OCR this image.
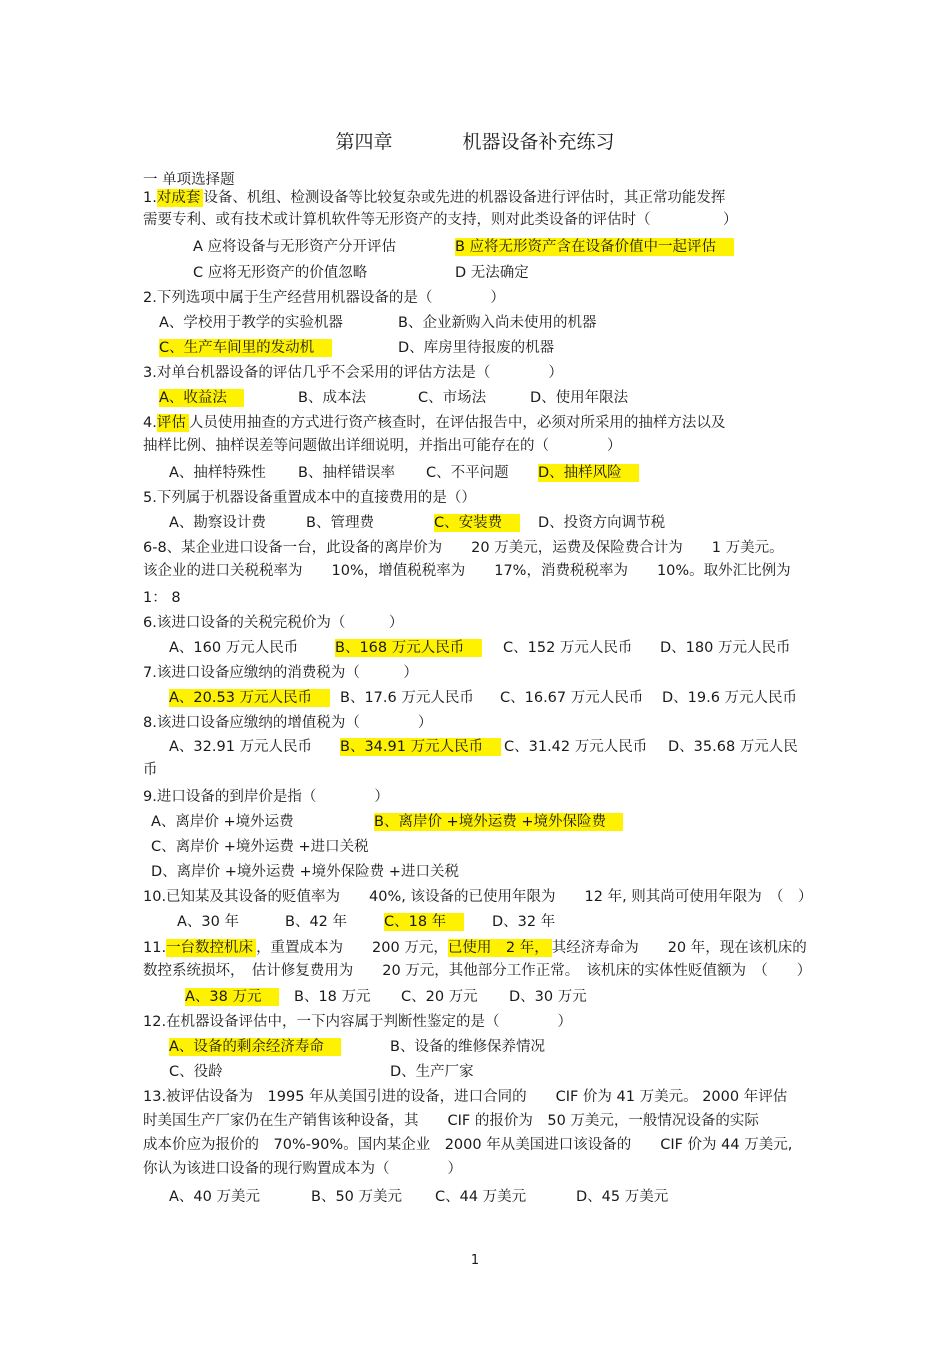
第四章	机器设备补充练习
一 单项选择题
1.对成套 设备、机组、检测设备等比较复杂或先进的机器设备进行评估时，其正常功能发挥
需要专利、或有技术或计算机软件等无形资产的支持，则对此类设备的评估时（　　　　　）
A 应将设备与无形资产分开评估	B 应将无形资产含在设备价值中一起评估　
C 应将无形资产的价值忽略	D 无法确定
2.下列选项中属于生产经营用机器设备的是（　　　　）
A、学校用于教学的实验机器	B、企业新购入尚未使用的机器
C、生产车间里的发动机　	D、库房里待报废的机器
3.对单台机器设备的评估几乎不会采用的评估方法是（　　　　）
A、收益法　	B、成本法	C、市场法	D、使用年限法
4.评估 人员使用抽查的方式进行资产核查时，在评估报告中，必须对所采用的抽样方法以及
抽样比例、抽样误差等问题做出详细说明，并指出可能存在的（　　　　）
A、抽样特殊性 B、抽样错误率 C、不平问题 D、抽样风险　
5.下列属于机器设备重置成本中的直接费用的是（）
A、勘察设计费	B、管理费	C、安装费　 D、投资方向调节税
6-8、某企业进口设备一台，此设备的离岸价为　　20 万美元，运费及保险费合计为　　1 万美元。
该企业的进口关税税率为　　10%，增值税税率为　　17%，消费税税率为　　10%。取外汇比例为
1： 8
6.该进口设备的关税完税价为（　　　）
A、160 万元人民币	B、168 万元人民币　 C、152 万元人民币 D、180 万元人民币
7.该进口设备应缴纳的消费税为（　　　）
A、20.53 万元人民币　 B、17.6 万元人民币 C、16.67 万元人民币 D、19.6 万元人民币
8.该进口设备应缴纳的增值税为（　　　　）
A、32.91 万元人民币 B、34.91 万元人民币　 C、31.42 万元人民币 D、35.68 万元人民
币
9.进口设备的到岸价是指（　　　　）
A、离岸价 +境外运费	B、离岸价 +境外运费 +境外保险费　
C、离岸价 +境外运费 +进口关税
D、离岸价 +境外运费 +境外保险费 +进口关税
10.已知某及其设备的贬值率为　　40%, 该设备的已使用年限为　　12 年, 则其尚可使用年限为　（　）
A、30 年	B、42 年	C、18 年　 D、32 年
11.一台数控机床 ，重置成本为　　200 万元，已使用　2 年， 其经济寿命为　　20 年，现在该机床的
数控系统损坏，　估计修复费用为　　20 万元，其他部分工作正常。　该机床的实体性贬值额为　（　　）
A、38 万元　 B、18 万元 C、20 万元 D、30 万元
12.在机器设备评估中，一下内容属于判断性鉴定的是（　　　　）
A、设备的剩余经济寿命　	B、设备的维修保养情况
C、役龄	D、生产厂家
13.被评估设备为　1995 年从美国引进的设备，进口合同的　　CIF 价为 41 万美元。 2000 年评估
时美国生产厂家仍在生产销售该种设备，其　　CIF 的报价为　50 万美元，一般情况设备的实际
成本价应为报价的　70%-90%。国内某企业　2000 年从美国进口该设备的　　CIF 价为 44 万美元,
你认为该进口设备的现行购置成本为（　　　　）
A、40 万美元	B、50 万美元 C、44 万美元	D、45 万美元
1
